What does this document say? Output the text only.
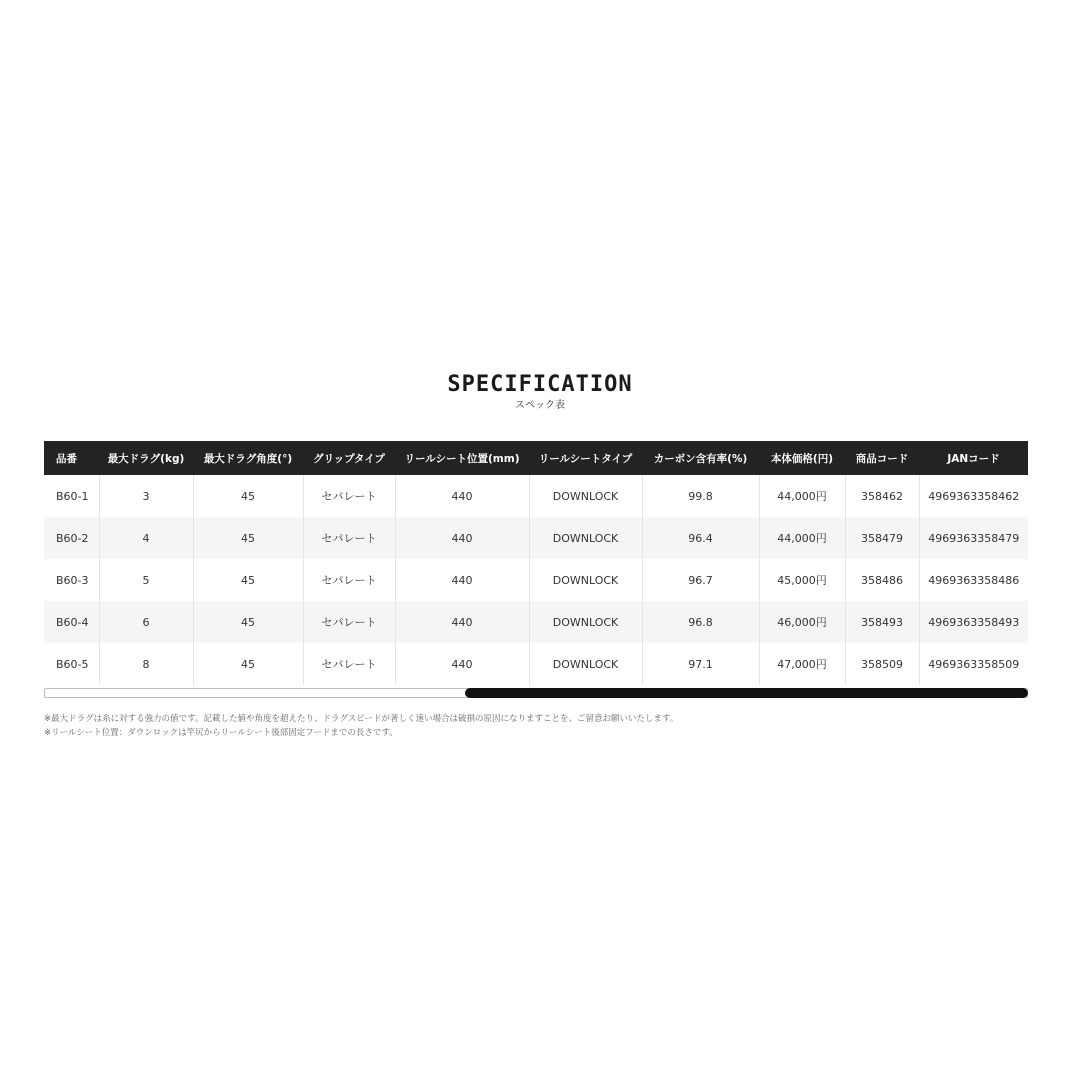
SPECIFICATION
スペック表
品番	最大ドラグ(kg)	最大ドラグ角度(°)	グリップタイプ	リールシート位置(mm)	リールシートタイプ	カーボン含有率(%)	本体価格(円)	商品コード	JANコード
B60-1	3	45	セパレート	440	DOWNLOCK	99.8	44,000円	358462	4969363358462
B60-2	4	45	セパレート	440	DOWNLOCK	96.4	44,000円	358479	4969363358479
B60-3	5	45	セパレート	440	DOWNLOCK	96.7	45,000円	358486	4969363358486
B60-4	6	45	セパレート	440	DOWNLOCK	96.8	46,000円	358493	4969363358493
B60-5	8	45	セパレート	440	DOWNLOCK	97.1	47,000円	358509	4969363358509

※最大ドラグは糸に対する強力の値です。記載した値や角度を超えたり、ドラグスピードが著しく速い場合は破損の原因になりますことを、ご留意お願いいたします。

※リールシート位置：ダウンロックは竿尻からリールシート後部固定フードまでの長さです。
